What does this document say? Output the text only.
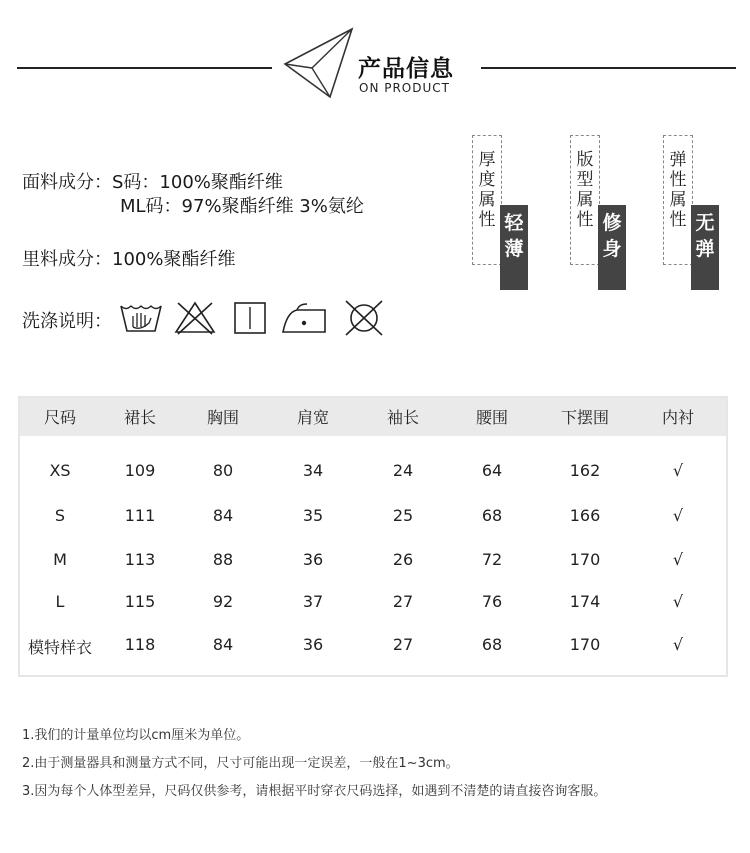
产品信息
ON PRODUCT
面料成分：S码：100%聚酯纤维
ML码：97%聚酯纤维 3%氨纶
里料成分：100%聚酯纤维
洗涤说明：
厚度属性 轻薄
版型属性 修身
弹性属性 无弹
尺码	裙长	胸围	肩宽	袖长	腰围	下摆围	内衬
XS	109	80	34	24	64	162	√
S	111	84	35	25	68	166	√
M	113	88	36	26	72	170	√
L	115	92	37	27	76	174	√
模特样衣	118	84	36	27	68	170	√
1.我们的计量单位均以cm厘米为单位。
2.由于测量器具和测量方式不同，尺寸可能出现一定误差，一般在1~3cm。
3.因为每个人体型差异，尺码仅供参考，请根据平时穿衣尺码选择，如遇到不清楚的请直接咨询客服。
